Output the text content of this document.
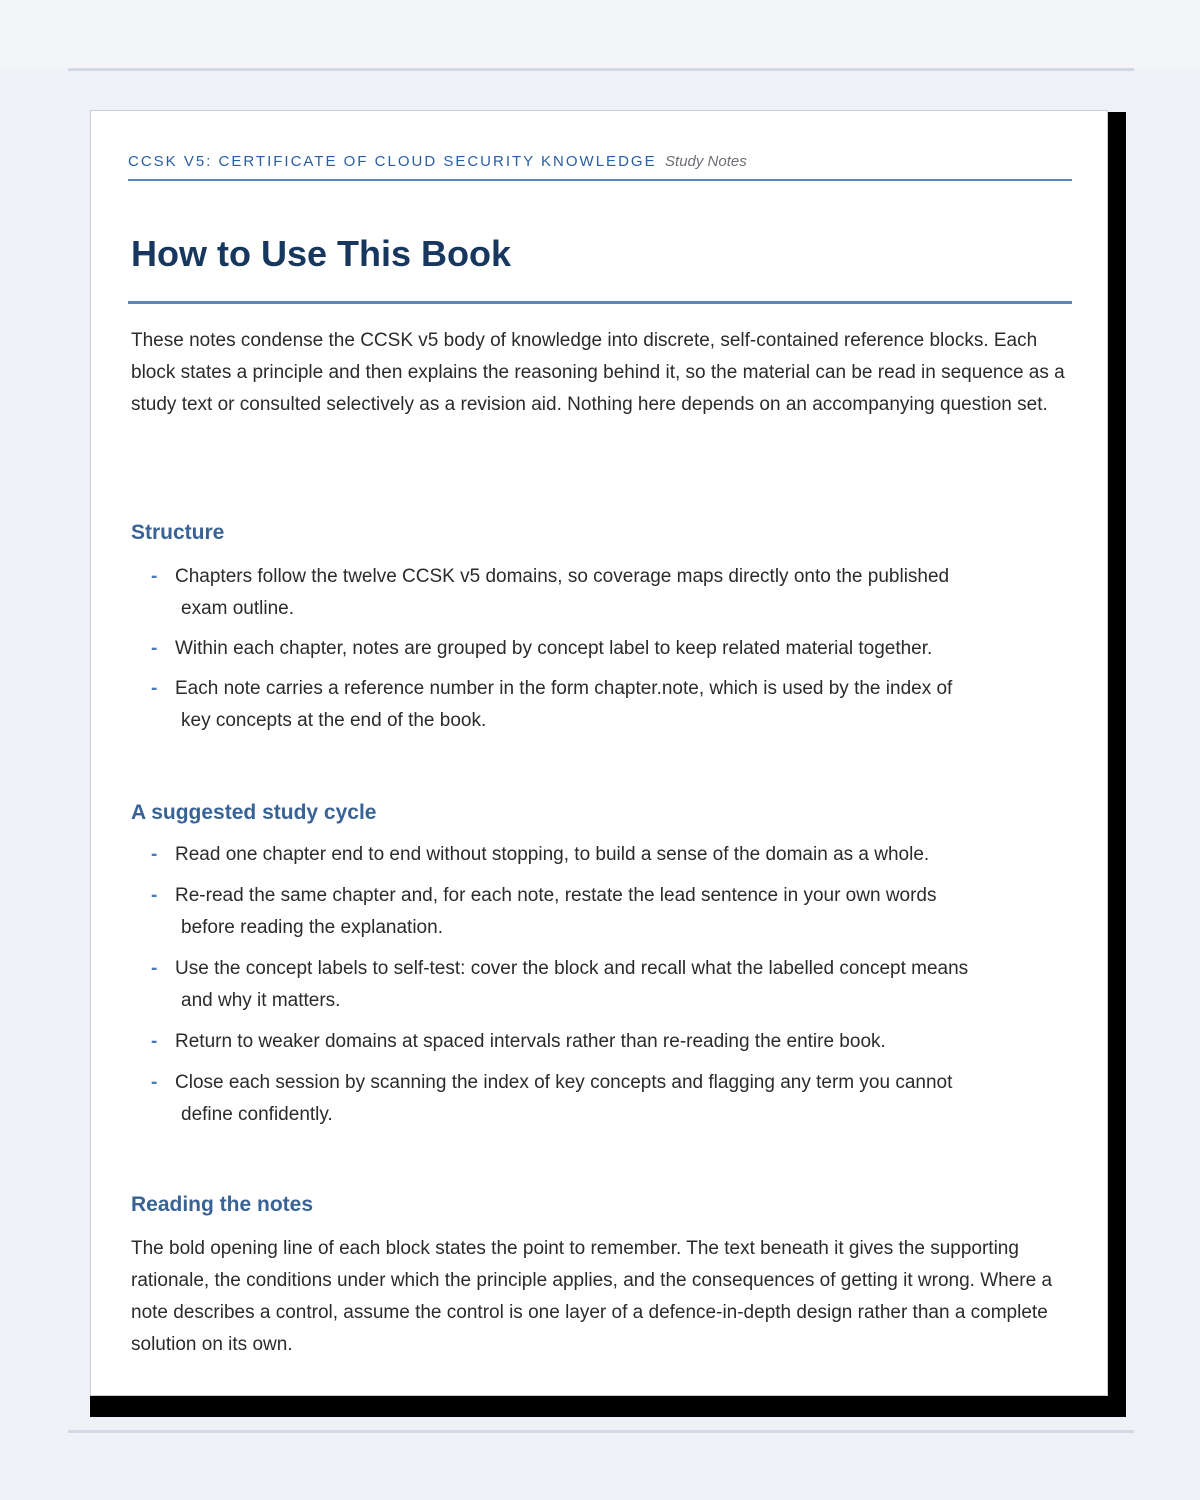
CCSK V5: CERTIFICATE OF CLOUD SECURITY KNOWLEDGE Study Notes
How to Use This Book

These notes condense the CCSK v5 body of knowledge into discrete, self-contained reference blocks. Each block states a principle and then explains the reasoning behind it, so the material can be read in sequence as a study text or consulted selectively as a revision aid. Nothing here depends on an accompanying question set.

Structure
- Chapters follow the twelve CCSK v5 domains, so coverage maps directly onto the published
exam outline.
- Within each chapter, notes are grouped by concept label to keep related material together.
- Each note carries a reference number in the form chapter.note, which is used by the index of
key concepts at the end of the book.
A suggested study cycle
- Read one chapter end to end without stopping, to build a sense of the domain as a whole.
- Re-read the same chapter and, for each note, restate the lead sentence in your own words
before reading the explanation.
- Use the concept labels to self-test: cover the block and recall what the labelled concept means
and why it matters.
- Return to weaker domains at spaced intervals rather than re-reading the entire book.
- Close each session by scanning the index of key concepts and flagging any term you cannot
define confidently.
Reading the notes

The bold opening line of each block states the point to remember. The text beneath it gives the supporting rationale, the conditions under which the principle applies, and the consequences of getting it wrong. Where a note describes a control, assume the control is one layer of a defence-in-depth design rather than a complete solution on its own.
